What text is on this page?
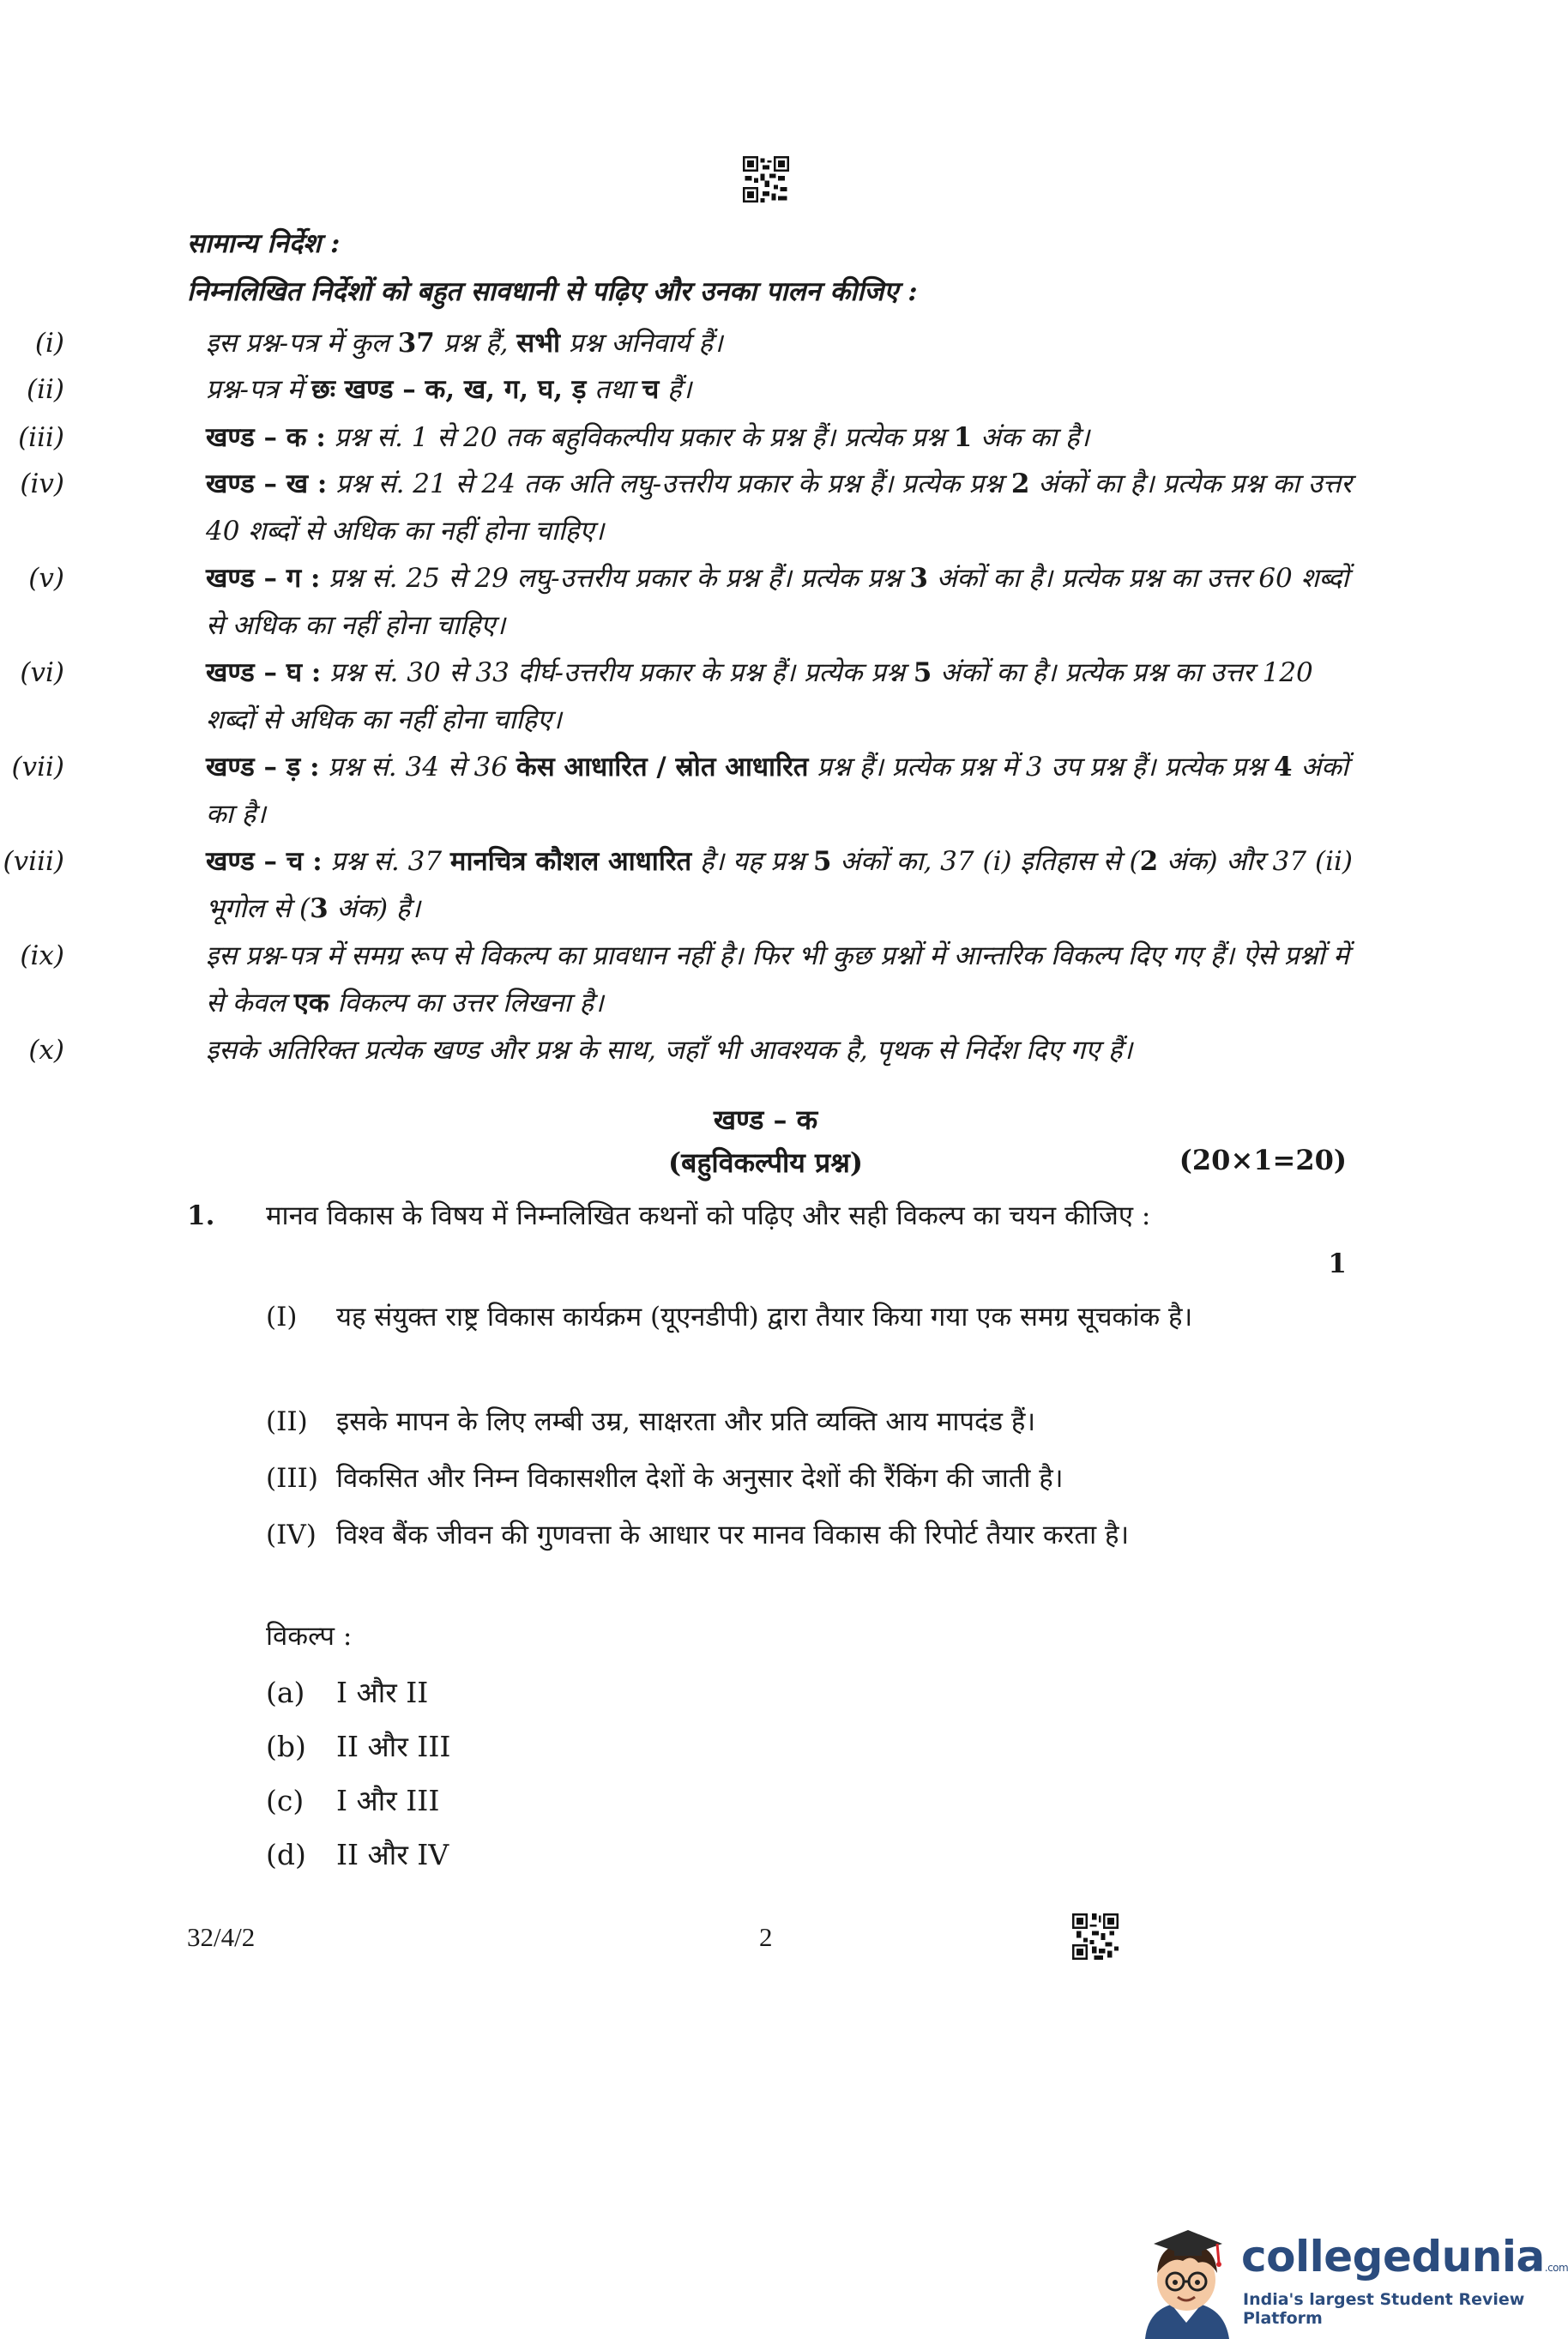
सामान्य निर्देश :
निम्नलिखित निर्देशों को बहुत सावधानी से पढ़िए और उनका पालन कीजिए :
(i)	इस प्रश्न-पत्र में कुल 37 प्रश्न हैं, सभी प्रश्न अनिवार्य हैं।
(ii)	प्रश्न-पत्र में छः खण्ड – क, ख, ग, घ, ड़ तथा च हैं।
(iii)	खण्ड – क : प्रश्न सं. 1 से 20 तक बहुविकल्पीय प्रकार के प्रश्न हैं। प्रत्येक प्रश्न 1 अंक का है।
(iv)	खण्ड – ख : प्रश्न सं. 21 से 24 तक अति लघु-उत्तरीय प्रकार के प्रश्न हैं। प्रत्येक प्रश्न 2 अंकों का है। प्रत्येक प्रश्न का उत्तर 40 शब्दों से अधिक का नहीं होना चाहिए।
(v)	खण्ड – ग : प्रश्न सं. 25 से 29 लघु-उत्तरीय प्रकार के प्रश्न हैं। प्रत्येक प्रश्न 3 अंकों का है। प्रत्येक प्रश्न का उत्तर 60 शब्दों से अधिक का नहीं होना चाहिए।
(vi)	खण्ड – घ : प्रश्न सं. 30 से 33 दीर्घ-उत्तरीय प्रकार के प्रश्न हैं। प्रत्येक प्रश्न 5 अंकों का है। प्रत्येक प्रश्न का उत्तर 120 शब्दों से अधिक का नहीं होना चाहिए।
(vii)	खण्ड – ड़ : प्रश्न सं. 34 से 36 केस आधारित / स्रोत आधारित प्रश्न हैं। प्रत्येक प्रश्न में 3 उप प्रश्न हैं। प्रत्येक प्रश्न 4 अंकों का है।
(viii)	खण्ड – च : प्रश्न सं. 37 मानचित्र कौशल आधारित है। यह प्रश्न 5 अंकों का, 37 (i) इतिहास से (2 अंक) और 37 (ii) भूगोल से (3 अंक) है।
(ix)	इस प्रश्न-पत्र में समग्र रूप से विकल्प का प्रावधान नहीं है। फिर भी कुछ प्रश्नों में आन्तरिक विकल्प दिए गए हैं। ऐसे प्रश्नों में से केवल एक विकल्प का उत्तर लिखना है।
(x)	इसके अतिरिक्त प्रत्येक खण्ड और प्रश्न के साथ, जहाँ भी आवश्यक है, पृथक से निर्देश दिए गए हैं।
खण्ड – क
(बहुविकल्पीय प्रश्न)	(20×1=20)
1. मानव विकास के विषय में निम्नलिखित कथनों को पढ़िए और सही विकल्प का चयन कीजिए :
1
(I)	यह संयुक्त राष्ट्र विकास कार्यक्रम (यूएनडीपी) द्वारा तैयार किया गया एक समग्र सूचकांक है।
(II)	इसके मापन के लिए लम्बी उम्र, साक्षरता और प्रति व्यक्ति आय मापदंड हैं।
(III) विकसित और निम्न विकासशील देशों के अनुसार देशों की रैंकिंग की जाती है।
(IV) विश्व बैंक जीवन की गुणवत्ता के आधार पर मानव विकास की रिपोर्ट तैयार करता है।
विकल्प :
(a) I और II
(b) II और III
(c) I और III
(d) II और IV
32/4/2	2
collegedunia.com
India's largest Student Review Platform
